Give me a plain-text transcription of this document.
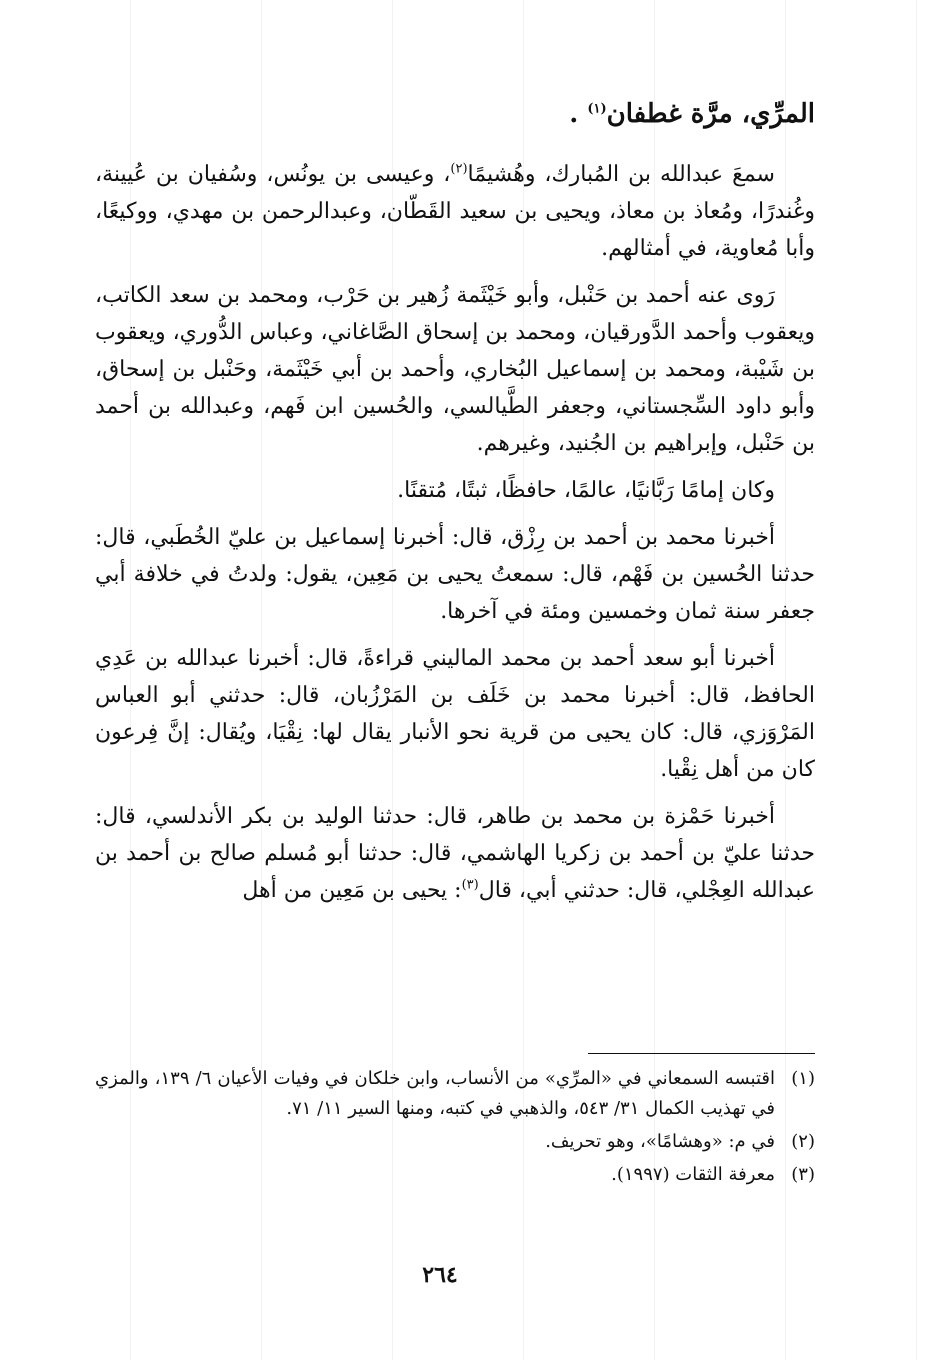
المرِّي، مرَّة غطفان$^{(١)}$ .

سمعَ عبدالله بن المُبارك، وهُشيمًا$^{(٢)}$، وعيسى بن يونُس، وسُفيان بن عُيينة، وغُندرًا، ومُعاذ بن معاذ، ويحيى بن سعيد القَطّان، وعبدالرحمن بن مهدي، ووكيعًا، وأبا مُعاوية، في أمثالهم.

رَوى عنه أحمد بن حَنْبل، وأبو خَيْثَمة زُهير بن حَرْب، ومحمد بن سعد الكاتب، ويعقوب وأحمد الدَّورقيان، ومحمد بن إسحاق الصَّاغاني، وعباس الدُّوري، ويعقوب بن شَيْبة، ومحمد بن إسماعيل البُخاري، وأحمد بن أبي خَيْثَمة، وحَنْبل بن إسحاق، وأبو داود السِّجستاني، وجعفر الطَّيالسي، والحُسين ابن فَهم، وعبدالله بن أحمد بن حَنْبل، وإبراهيم بن الجُنيد، وغيرهم.

وكان إمامًا رَبَّانيًا، عالمًا، حافظًا، ثبتًا، مُتقنًا.

أخبرنا محمد بن أحمد بن رِزْق، قال: أخبرنا إسماعيل بن عليّ الخُطَبي، قال: حدثنا الحُسين بن فَهْم، قال: سمعتُ يحيى بن مَعِين، يقول: ولدتُ في خلافة أبي جعفر سنة ثمان وخمسين ومئة في آخرها.

أخبرنا أبو سعد أحمد بن محمد الماليني قراءةً، قال: أخبرنا عبدالله بن عَدِي الحافظ، قال: أخبرنا محمد بن خَلَف بن المَرْزُبان، قال: حدثني أبو العباس المَرْوَزي، قال: كان يحيى من قرية نحو الأنبار يقال لها: نِقْيَا، ويُقال: إنَّ فِرعون كان من أهل نِقْيا.

أخبرنا حَمْزة بن محمد بن طاهر، قال: حدثنا الوليد بن بكر الأندلسي، قال: حدثنا عليّ بن أحمد بن زكريا الهاشمي، قال: حدثنا أبو مُسلم صالح بن أحمد بن عبدالله العِجْلي، قال: حدثني أبي، قال$^{(٣)}$: يحيى بن مَعِين من أهل

(١)
اقتبسه السمعاني في «المرِّي» من الأنساب، وابن خلكان في وفيات الأعيان ٦/ ١٣٩، والمزي في تهذيب الكمال ٣١/ ٥٤٣، والذهبي في كتبه، ومنها السير ١١/ ٧١.
(٢)
في م: «وهشامًا»، وهو تحريف.
(٣)
معرفة الثقات (١٩٩٧).
٢٦٤
